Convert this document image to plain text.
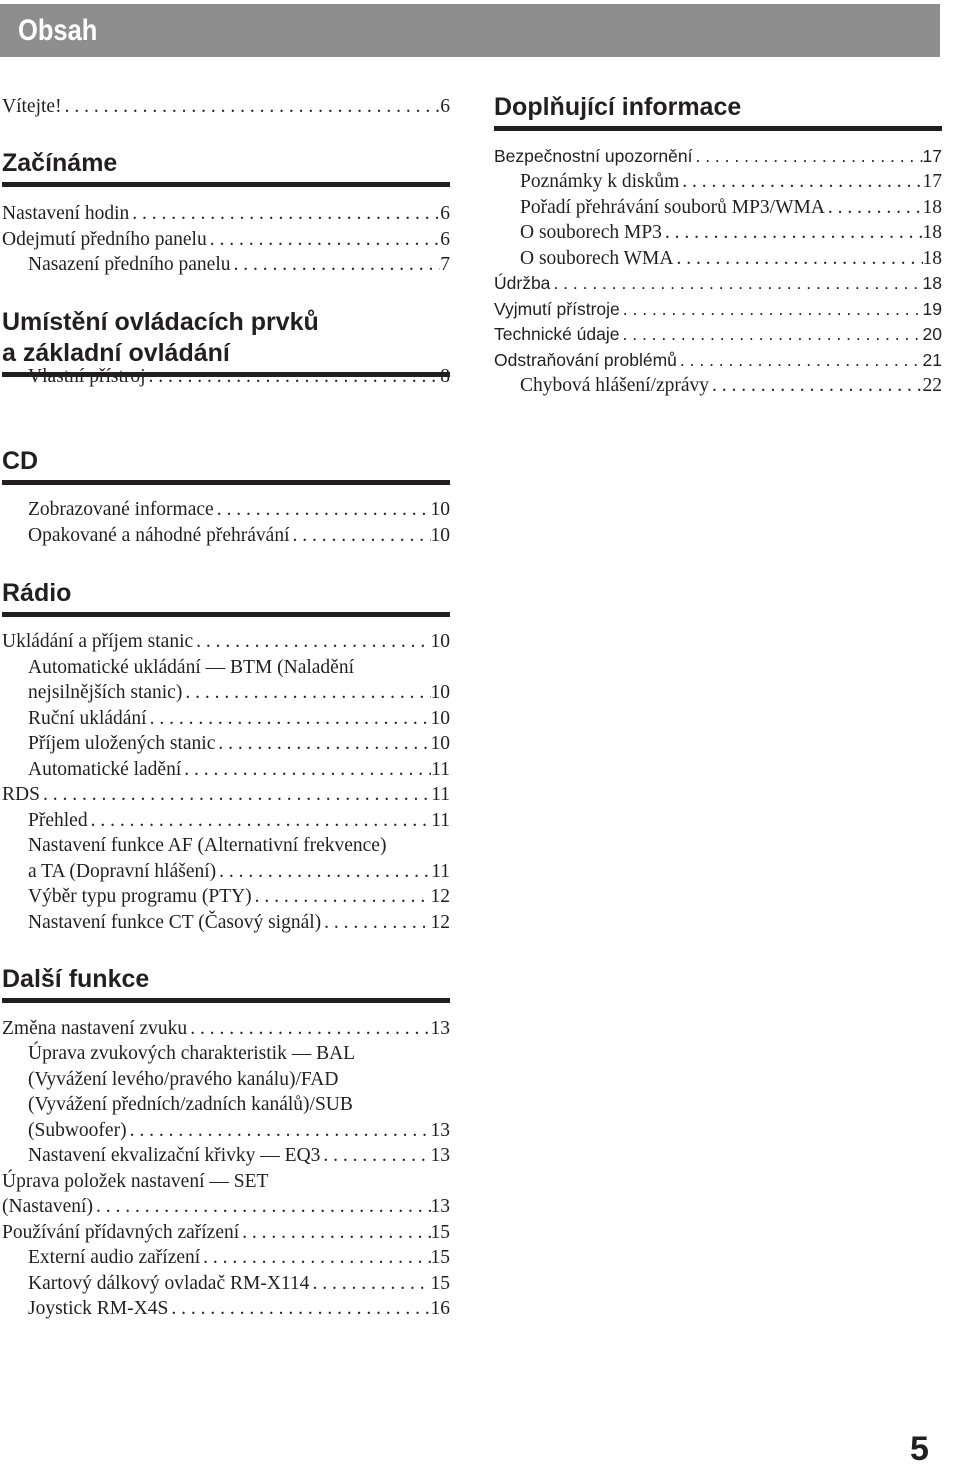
Obsah
Vítejte! . . .	6
Začínáme
Nastavení hodin . . .	6
Odejmutí předního panelu . . .	6
Nasazení předního panelu . . .	7
Umístění ovládacích prvků
a základní ovládání
Vlastní přístroj . . .	8
CD
Zobrazované informace . . .	10
Opakované a náhodné přehrávání . . .	10
Rádio
Ukládání a příjem stanic . . .	10
Automatické ukládání — BTM (Naladění
nejsilnějších stanic) . . .	10
Ruční ukládání . . .	10
Příjem uložených stanic . . .	10
Automatické ladění . . .	11
RDS . . .	11
Přehled . . .	11
Nastavení funkce AF (Alternativní frekvence)
a TA (Dopravní hlášení) . . .	11
Výběr typu programu (PTY) . . .	12
Nastavení funkce CT (Časový signál) . . .	12
Další funkce
Změna nastavení zvuku . . .	13
Úprava zvukových charakteristik — BAL
(Vyvážení levého/pravého kanálu)/FAD
(Vyvážení předních/zadních kanálů)/SUB
(Subwoofer) . . .	13
Nastavení ekvalizační křivky — EQ3 . . .	13
Úprava položek nastavení — SET
(Nastavení) . . .	13
Používání přídavných zařízení . . .	15
Externí audio zařízení . . .	15
Kartový dálkový ovladač RM-X114 . . .	15
Joystick RM-X4S . . .	16
Doplňující informace
Bezpečnostní upozornění . . .	17
Poznámky k diskům . . .	17
Pořadí přehrávání souborů MP3/WMA . . .	18
O souborech MP3 . . .	18
O souborech WMA . . .	18
Údržba . . .	18
Vyjmutí přístroje . . .	19
Technické údaje . . .	20
Odstraňování problémů . . .	21
Chybová hlášení/zprávy . . .	22
5
